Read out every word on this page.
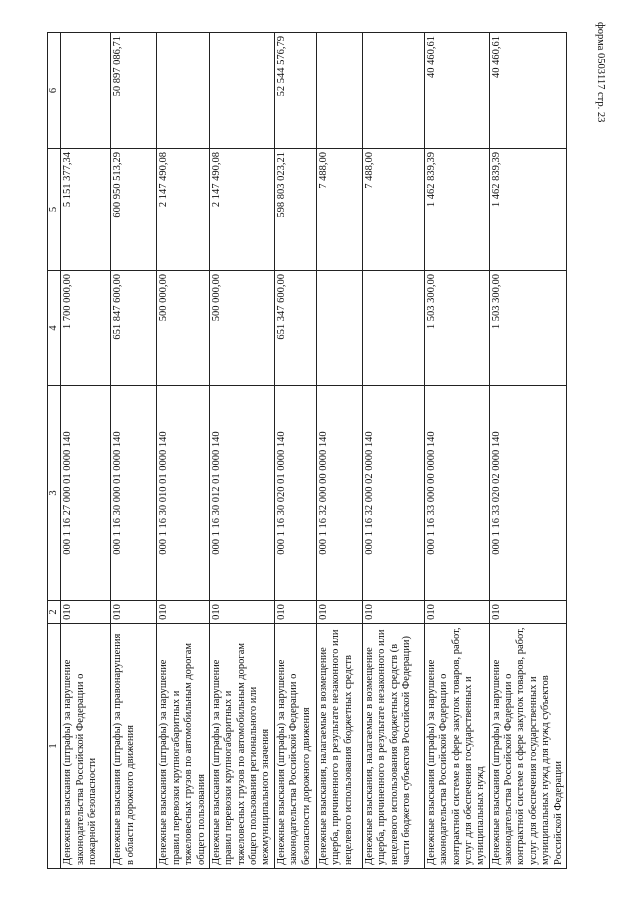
форма 0503117 стр. 23
1	2	3	4	5	6
Денежные взыскания (штрафы) за нарушение законодательства Российской Федерации о пожарной безопасности	010	000 1 16 27 000 01 0000 140	1 700 000,00	5 151 377,34	
Денежные взыскания (штрафы) за правонарушения в области дорожного движения	010	000 1 16 30 000 01 0000 140	651 847 600,00	600 950 513,29	50 897 086,71
Денежные взыскания (штрафы) за нарушение правил перевозки крупногабаритных и тяжеловесных грузов по автомобильным дорогам общего пользования	010	000 1 16 30 010 01 0000 140	500 000,00	2 147 490,08	
Денежные взыскания (штрафы) за нарушение правил перевозки крупногабаритных и тяжеловесных грузов по автомобильным дорогам общего пользования регионального или межмуниципального значения	010	000 1 16 30 012 01 0000 140	500 000,00	2 147 490,08	
Денежные взыскания (штрафы) за нарушение законодательства Российской Федерации о безопасности дорожного движения	010	000 1 16 30 020 01 0000 140	651 347 600,00	598 803 023,21	52 544 576,79
Денежные взыскания, налагаемые в возмещение ущерба, причиненного в результате незаконного или нецелевого использования бюджетных средств	010	000 1 16 32 000 00 0000 140		7 488,00	
Денежные взыскания, налагаемые в возмещение ущерба, причиненного в результате незаконного или нецелевого использования бюджетных средств (в части бюджетов субъектов Российской Федерации)	010	000 1 16 32 000 02 0000 140		7 488,00	
Денежные взыскания (штрафы) за нарушение законодательства Российской Федерации о контрактной системе в сфере закупок товаров, работ, услуг для обеспечения государственных и муниципальных нужд	010	000 1 16 33 000 00 0000 140	1 503 300,00	1 462 839,39	40 460,61
Денежные взыскания (штрафы) за нарушение законодательства Российской Федерации о контрактной системе в сфере закупок товаров, работ, услуг для обеспечения государственных и муниципальных нужд для нужд субъектов Российской Федерации	010	000 1 16 33 020 02 0000 140	1 503 300,00	1 462 839,39	40 460,61
